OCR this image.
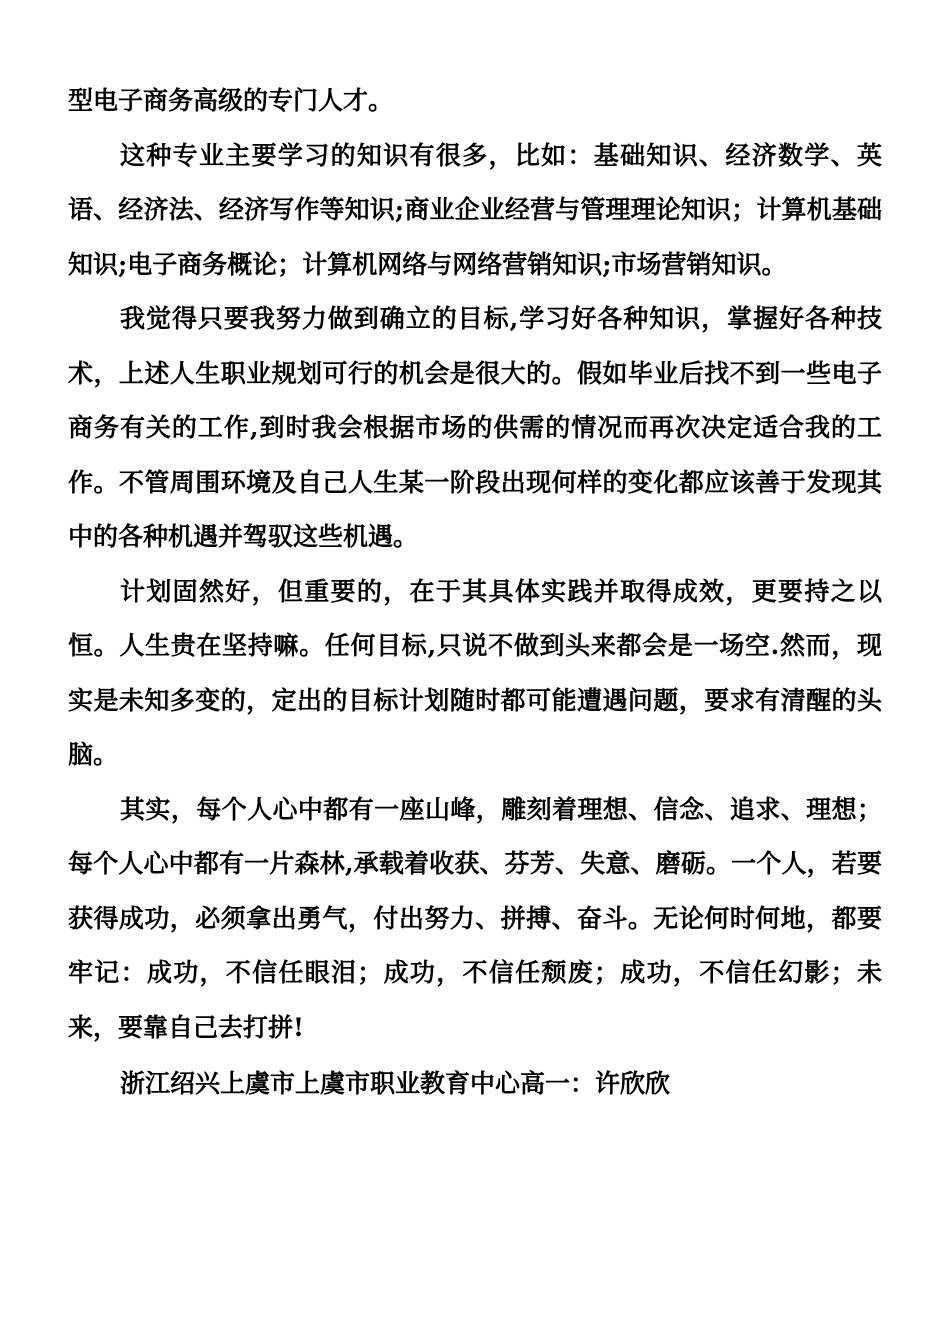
型电子商务高级的专门人才。

这种专业主要学习的知识有很多，比如：基础知识、经济数学、英语、经济法、经济写作等知识;商业企业经营与管理理论知识；计算机基础知识;电子商务概论；计算机网络与网络营销知识;市场营销知识。

我觉得只要我努力做到确立的目标,学习好各种知识，掌握好各种技术，上述人生职业规划可行的机会是很大的。假如毕业后找不到一些电子商务有关的工作,到时我会根据市场的供需的情况而再次决定适合我的工作。不管周围环境及自己人生某一阶段出现何样的变化都应该善于发现其中的各种机遇并驾驭这些机遇。

计划固然好，但重要的，在于其具体实践并取得成效，更要持之以恒。人生贵在坚持嘛。任何目标,只说不做到头来都会是一场空.然而，现实是未知多变的，定出的目标计划随时都可能遭遇问题，要求有清醒的头脑。

其实，每个人心中都有一座山峰，雕刻着理想、信念、追求、理想；每个人心中都有一片森林,承载着收获、芬芳、失意、磨砺。一个人，若要获得成功，必须拿出勇气，付出努力、拼搏、奋斗。无论何时何地，都要牢记：成功，不信任眼泪；成功，不信任颓废；成功，不信任幻影；未来，要靠自己去打拼!

浙江绍兴上虞市上虞市职业教育中心高一：许欣欣
